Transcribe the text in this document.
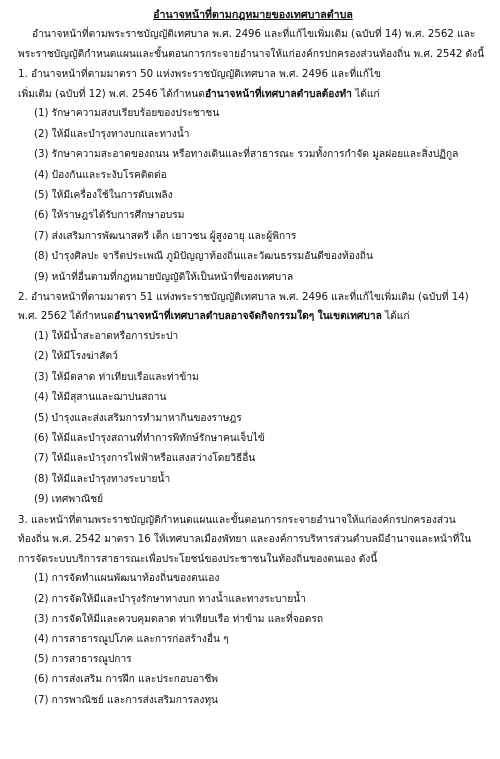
อำนาจหน้าที่ตามกฎหมายของเทศบาลตำบล

อำนาจหน้าที่ตามพระราชบัญญัติเทศบาล พ.ศ. 2496 และที่แก้ไขเพิ่มเติม (ฉบับที่ 14) พ.ศ. 2562 และ

พระราชบัญญัติกำหนดแผนและขั้นตอนการกระจายอำนาจให้แก่องค์กรปกครองส่วนท้องถิ่น พ.ศ. 2542 ดังนี้

1. อำนาจหน้าที่ตามมาตรา 50 แห่งพระราชบัญญัติเทศบาล พ.ศ. 2496 และที่แก้ไข

เพิ่มเติม (ฉบับที่ 12) พ.ศ. 2546 ได้กำหนดอำนาจหน้าที่เทศบาลตำบลต้องทำ ได้แก่

(1) รักษาความสงบเรียบร้อยของประชาชน
(2) ให้มีและบำรุงทางบกและทางน้ำ
(3) รักษาความสะอาดของถนน หรือทางเดินและที่สาธารณะ รวมทั้งการกำจัด มูลฝอยและสิ่งปฏิกูล
(4) ป้องกันและระงับโรคติดต่อ
(5) ให้มีเครื่องใช้ในการดับเพลิง
(6) ให้ราษฎรได้รับการศึกษาอบรม
(7) ส่งเสริมการพัฒนาสตรี เด็ก เยาวชน ผู้สูงอายุ และผู้พิการ
(8) บำรุงศิลปะ จารีตประเพณี ภูมิปัญญาท้องถิ่นและวัฒนธรรมอันดีของท้องถิ่น
(9) หน้าที่อื่นตามที่กฎหมายบัญญัติให้เป็นหน้าที่ของเทศบาล

2. อำนาจหน้าที่ตามมาตรา 51 แห่งพระราชบัญญัติเทศบาล พ.ศ. 2496 และที่แก้ไขเพิ่มเติม (ฉบับที่ 14)

พ.ศ. 2562 ได้กำหนดอำนาจหน้าที่เทศบาลตำบลอาจจัดกิจกรรมใดๆ ในเขตเทศบาล ได้แก่

(1) ให้มีน้ำสะอาดหรือการประปา
(2) ให้มีโรงฆ่าสัตว์
(3) ให้มีตลาด ท่าเทียบเรือและท่าข้าม
(4) ให้มีสุสานและฌาปนสถาน
(5) บำรุงและส่งเสริมการทำมาหากินของราษฎร
(6) ให้มีและบำรุงสถานที่ทำการพิทักษ์รักษาคนเจ็บไข้
(7) ให้มีและบำรุงการไฟฟ้าหรือแสงสว่างโดยวิธีอื่น
(8) ให้มีและบำรุงทางระบายน้ำ
(9) เทศพาณิชย์

3. และหน้าที่ตามพระราชบัญญัติกำหนดแผนและขั้นตอนการกระจายอำนาจให้แก่องค์กรปกครองส่วน

ท้องถิ่น พ.ศ. 2542 มาตรา 16 ให้เทศบาลเมืองพัทยา และองค์การบริหารส่วนตำบลมีอำนาจและหน้าที่ใน

การจัดระบบบริการสาธารณะเพื่อประโยชน์ของประชาชนในท้องถิ่นของตนเอง ดังนี้

(1) การจัดทำแผนพัฒนาท้องถิ่นของตนเอง
(2) การจัดให้มีและบำรุงรักษาทางบก ทางน้ำและทางระบายน้ำ
(3) การจัดให้มีและควบคุมตลาด ท่าเทียบเรือ ท่าข้าม และที่จอดรถ
(4) การสาธารณูปโภค และการก่อสร้างอื่น ๆ
(5) การสาธารณูปการ
(6) การส่งเสริม การฝึก และประกอบอาชีพ
(7) การพาณิชย์ และการส่งเสริมการลงทุน
